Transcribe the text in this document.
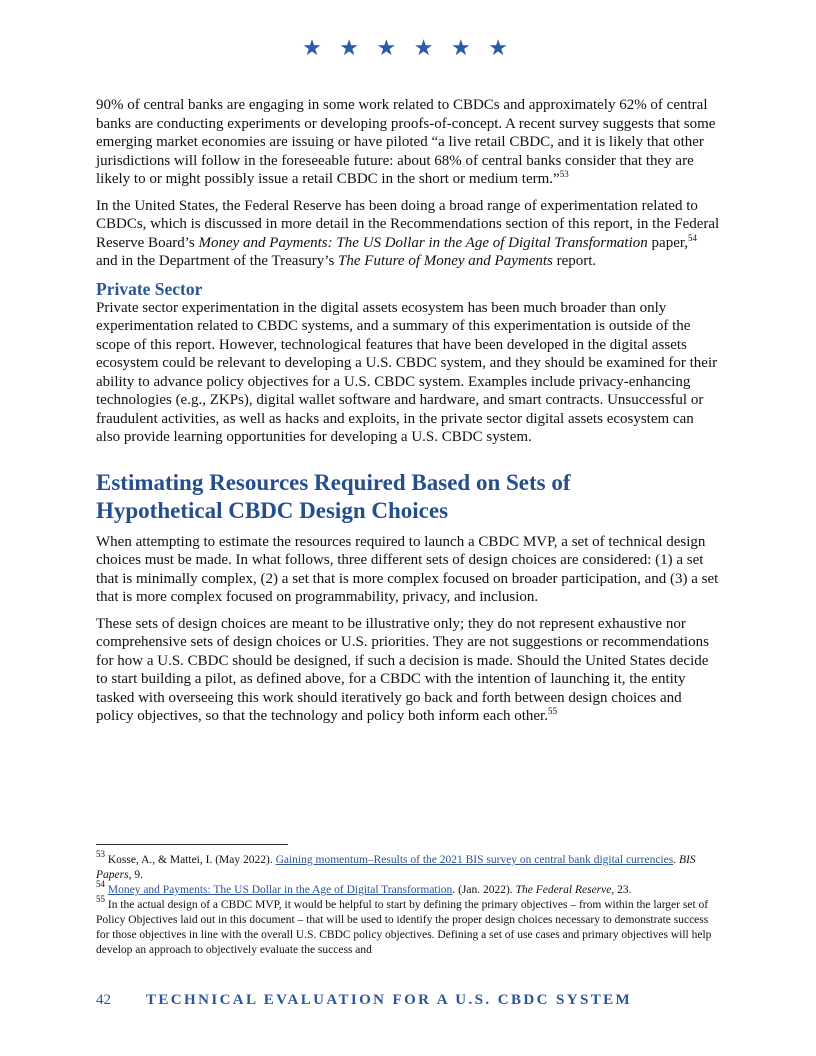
★ ★ ★ ★ ★ ★

90% of central banks are engaging in some work related to CBDCs and approximately 62% of central banks are conducting experiments or developing proofs-of-concept. A recent survey suggests that some emerging market economies are issuing or have piloted “a live retail CBDC, and it is likely that other jurisdictions will follow in the foreseeable future: about 68% of central banks consider that they are likely to or might possibly issue a retail CBDC in the short or medium term.”$^{53}$

In the United States, the Federal Reserve has been doing a broad range of experimentation related to CBDCs, which is discussed in more detail in the Recommendations section of this report, in the Federal Reserve Board’s Money and Payments: The US Dollar in the Age of Digital Transformation paper,$^{54}$ and in the Department of the Treasury’s The Future of Money and Payments report.

Private Sector

Private sector experimentation in the digital assets ecosystem has been much broader than only experimentation related to CBDC systems, and a summary of this experimentation is outside of the scope of this report. However, technological features that have been developed in the digital assets ecosystem could be relevant to developing a U.S. CBDC system, and they should be examined for their ability to advance policy objectives for a U.S. CBDC system. Examples include privacy-enhancing technologies (e.g., ZKPs), digital wallet software and hardware, and smart contracts. Unsuccessful or fraudulent activities, as well as hacks and exploits, in the private sector digital assets ecosystem can also provide learning opportunities for developing a U.S. CBDC system.

Estimating Resources Required Based on Sets of
Hypothetical CBDC Design Choices

When attempting to estimate the resources required to launch a CBDC MVP, a set of technical design choices must be made. In what follows, three different sets of design choices are considered: (1) a set that is minimally complex, (2) a set that is more complex focused on broader participation, and (3) a set that is more complex focused on programmability, privacy, and inclusion.

These sets of design choices are meant to be illustrative only; they do not represent exhaustive nor comprehensive sets of design choices or U.S. priorities. They are not suggestions or recommendations for how a U.S. CBDC should be designed, if such a decision is made. Should the United States decide to start building a pilot, as defined above, for a CBDC with the intention of launching it, the entity tasked with overseeing this work should iteratively go back and forth between design choices and policy objectives, so that the technology and policy both inform each other.$^{55}$

$^{53}$ Kosse, A., & Mattei, I. (May 2022). Gaining momentum–Results of the 2021 BIS survey on central bank digital currencies. BIS Papers, 9.

$^{54}$ Money and Payments: The US Dollar in the Age of Digital Transformation. (Jan. 2022). The Federal Reserve, 23.

$^{55}$ In the actual design of a CBDC MVP, it would be helpful to start by defining the primary objectives – from within the larger set of Policy Objectives laid out in this document – that will be used to identify the proper design choices necessary to demonstrate success for those objectives in line with the overall U.S. CBDC policy objectives. Defining a set of use cases and primary objectives will help develop an approach to objectively evaluate the success and

42 TECHNICAL EVALUATION FOR A U.S. CBDC SYSTEM
